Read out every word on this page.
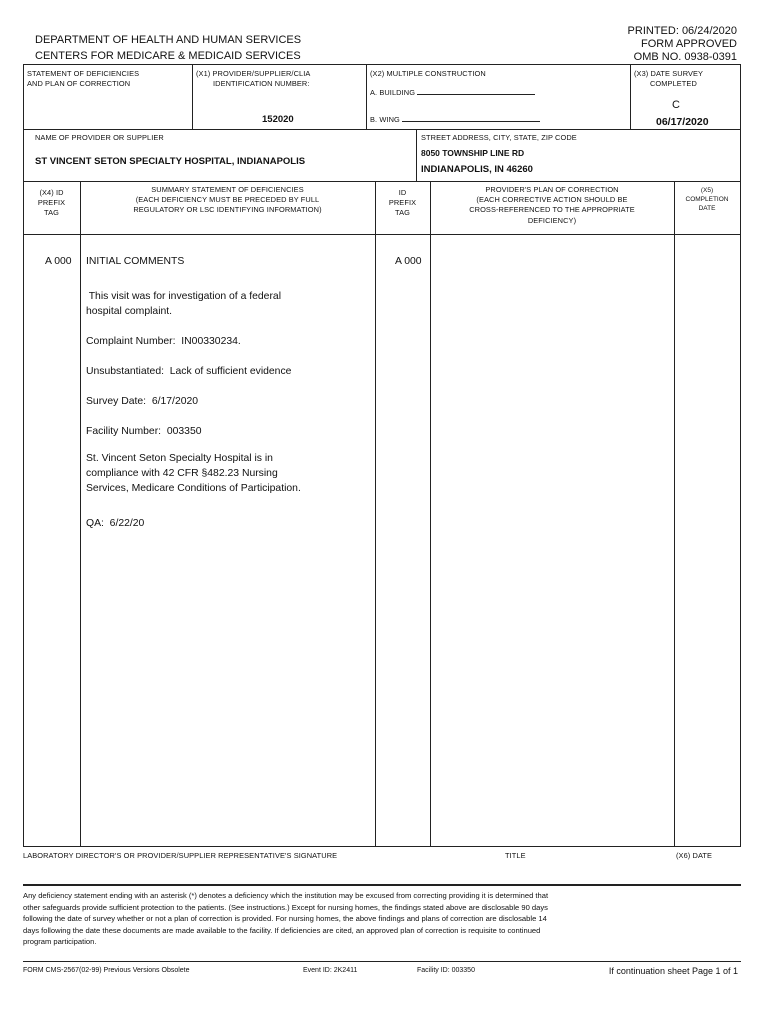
DEPARTMENT OF HEALTH AND HUMAN SERVICES
CENTERS FOR MEDICARE & MEDICAID SERVICES
PRINTED: 06/24/2020
FORM APPROVED
OMB NO. 0938-0391
STATEMENT OF DEFICIENCIES
AND PLAN OF CORRECTION
(X1) PROVIDER/SUPPLIER/CLIA
IDENTIFICATION NUMBER:
152020
(X2) MULTIPLE CONSTRUCTION
A. BUILDING
B. WING
(X3) DATE SURVEY
COMPLETED
C
06/17/2020
NAME OF PROVIDER OR SUPPLIER
ST VINCENT SETON SPECIALTY HOSPITAL, INDIANAPOLIS
STREET ADDRESS, CITY, STATE, ZIP CODE
8050 TOWNSHIP LINE RD
INDIANAPOLIS, IN 46260
(X4) ID
PREFIX
TAG
SUMMARY STATEMENT OF DEFICIENCIES
(EACH DEFICIENCY MUST BE PRECEDED BY FULL
REGULATORY OR LSC IDENTIFYING INFORMATION)
ID
PREFIX
TAG
PROVIDER'S PLAN OF CORRECTION
(EACH CORRECTIVE ACTION SHOULD BE
CROSS-REFERENCED TO THE APPROPRIATE
DEFICIENCY)
(X5)
COMPLETION
DATE
A 000	A 000
INITIAL COMMENTS
This visit was for investigation of a federal
hospital complaint.
Complaint Number:  IN00330234.
Unsubstantiated:  Lack of sufficient evidence
Survey Date:  6/17/2020
Facility Number:  003350
St. Vincent Seton Specialty Hospital is in
compliance with 42 CFR §482.23 Nursing
Services, Medicare Conditions of Participation.
QA:  6/22/20
LABORATORY DIRECTOR'S OR PROVIDER/SUPPLIER REPRESENTATIVE'S SIGNATURE	TITLE	(X6) DATE
Any deficiency statement ending with an asterisk (*) denotes a deficiency which the institution may be excused from correcting providing it is determined that
other safeguards provide sufficient protection to the patients. (See instructions.) Except for nursing homes, the findings stated above are disclosable 90 days
following the date of survey whether or not a plan of correction is provided. For nursing homes, the above findings and plans of correction are disclosable 14
days following the date these documents are made available to the facility. If deficiencies are cited, an approved plan of correction is requisite to continued
program participation.
FORM CMS-2567(02-99) Previous Versions Obsolete	Event ID: 2K2411	Facility ID: 003350	If continuation sheet Page 1 of 1
